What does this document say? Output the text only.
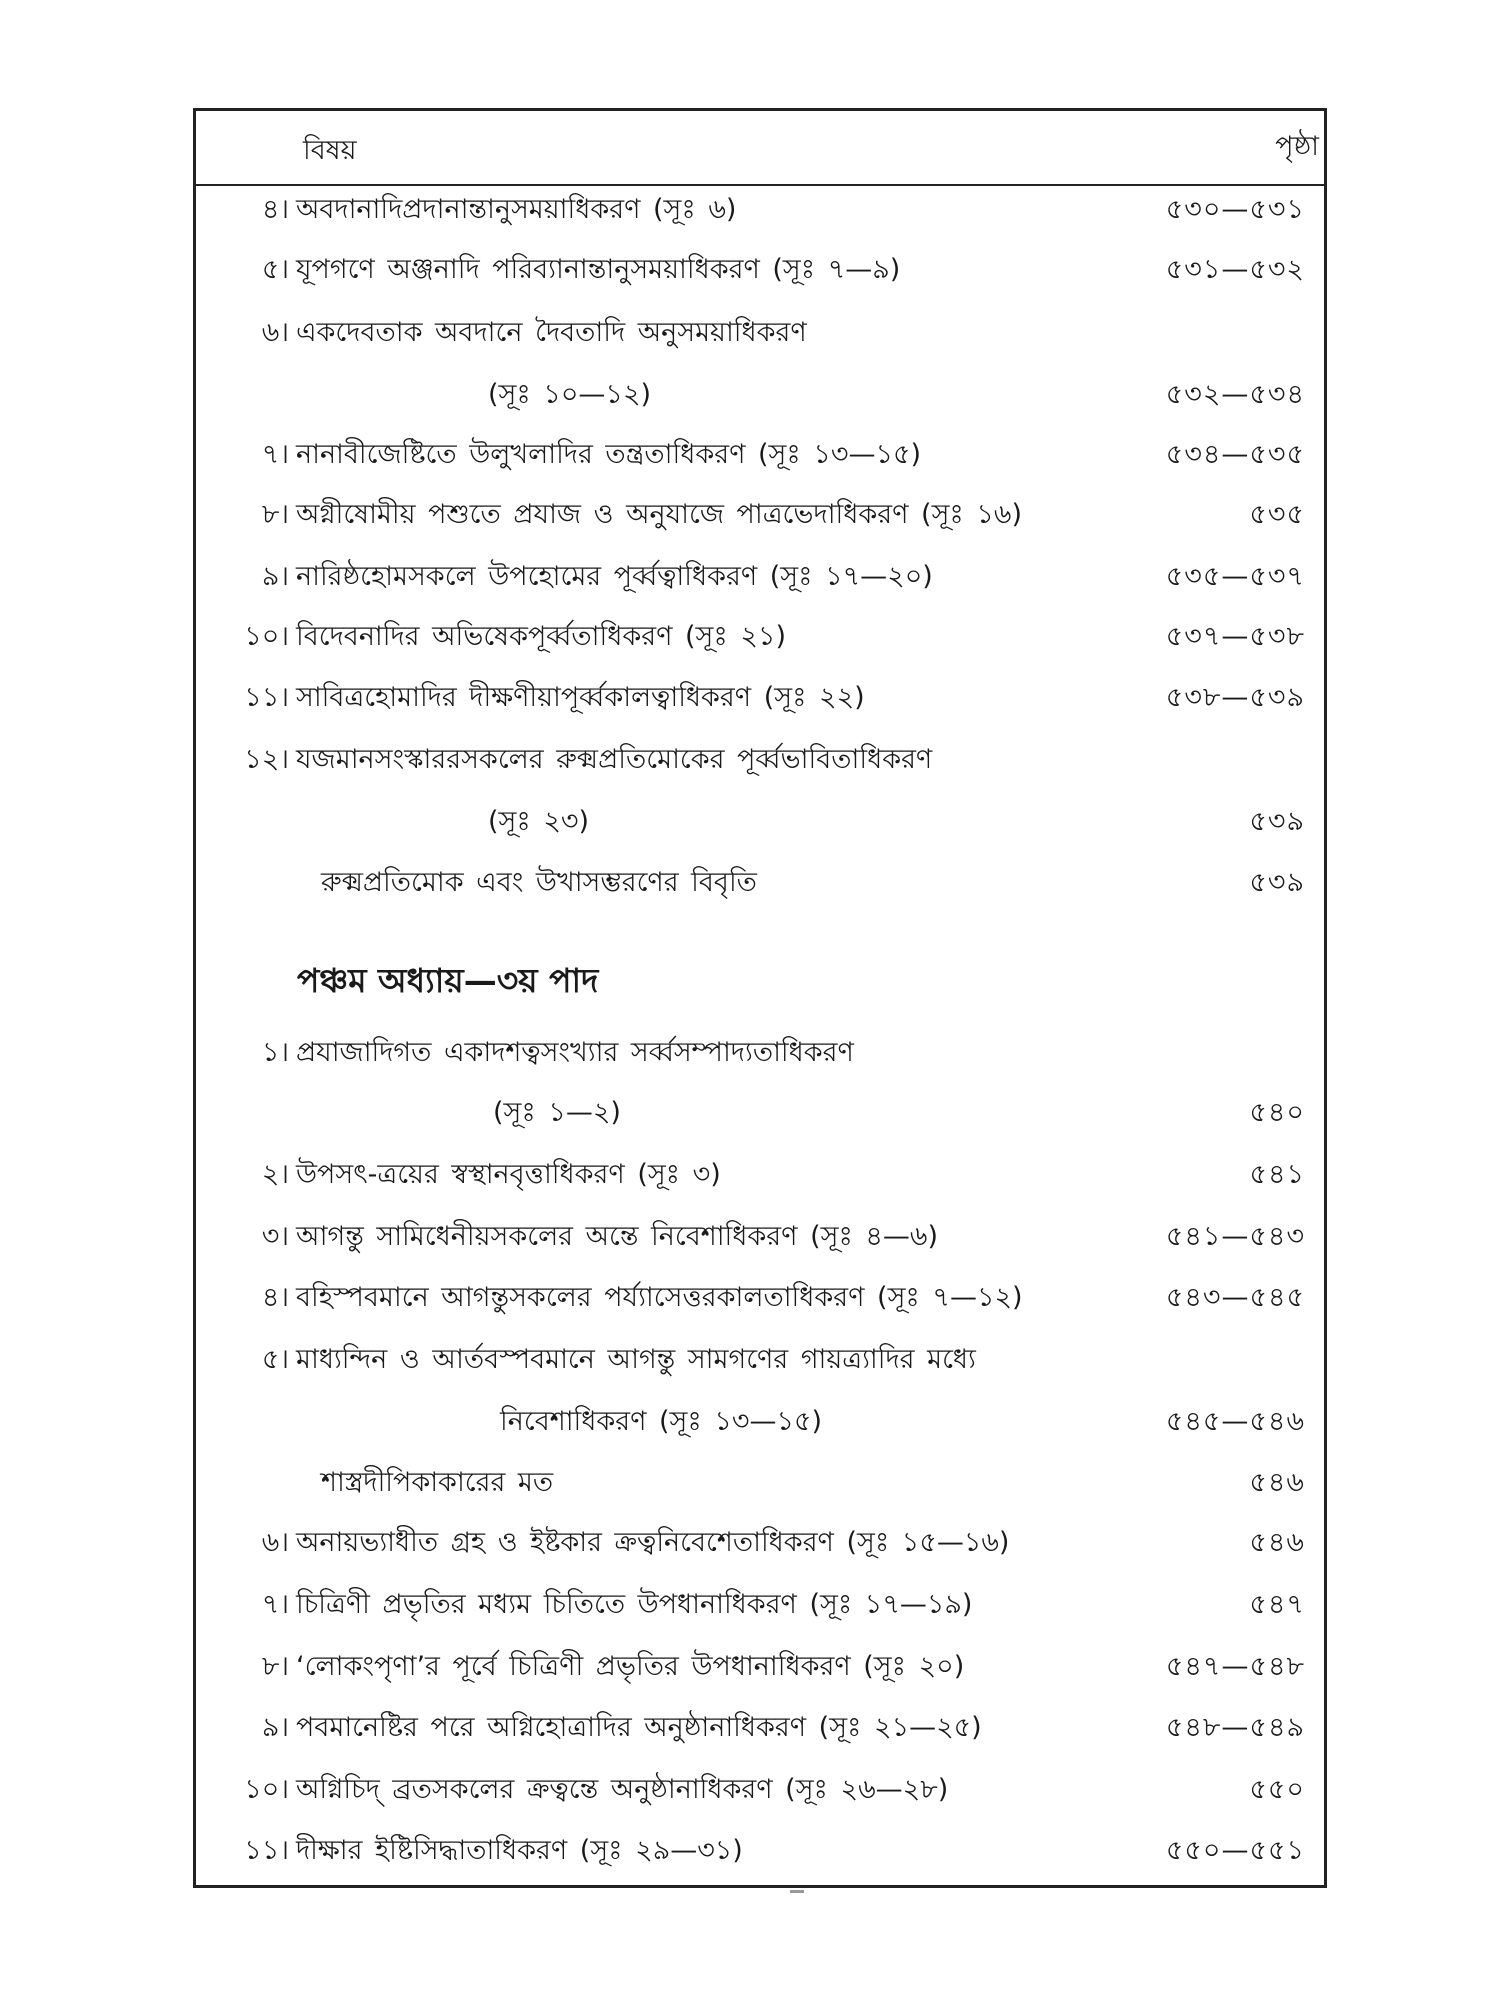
বিষয়	পৃষ্ঠা
৪। অবদানাদিপ্রদানান্তানুসময়াধিকরণ (সূঃ ৬)	৫৩০—৫৩১
৫। যূপগণে অঞ্জনাদি পরিব্যানান্তানুসময়াধিকরণ (সূঃ ৭—৯)	৫৩১—৫৩২
৬। একদেবতাক অবদানে দৈবতাদি অনুসময়াধিকরণ
(সূঃ ১০—১২)	৫৩২—৫৩৪
৭। নানাবীজেষ্টিতে উলুখলাদির তন্ত্রতাধিকরণ (সূঃ ১৩—১৫)	৫৩৪—৫৩৫
৮। অগ্নীষোমীয় পশুতে প্রযাজ ও অনুযাজে পাত্রভেদাধিকরণ (সূঃ ১৬)	৫৩৫
৯। নারিষ্ঠহোমসকলে উপহোমের পূর্ব্বত্বাধিকরণ (সূঃ ১৭—২০)	৫৩৫—৫৩৭
১০। বিদেবনাদির অভিষেকপূর্ব্বতাধিকরণ (সূঃ ২১)	৫৩৭—৫৩৮
১১। সাবিত্রহোমাদির দীক্ষণীয়াপূর্ব্বকালত্বাধিকরণ (সূঃ ২২)	৫৩৮—৫৩৯
১২। যজমানসংস্কাররসকলের রুক্মপ্রতিমোকের পূর্ব্বভাবিতাধিকরণ
(সূঃ ২৩)	৫৩৯
রুক্মপ্রতিমোক এবং উখাসম্ভরণের বিবৃতি	৫৩৯
পঞ্চম অধ্যায়—৩য় পাদ
১। প্রযাজাদিগত একাদশত্বসংখ্যার সর্ব্বসম্পাদ্যতাধিকরণ
(সূঃ ১—২)	৫৪০
২। উপসৎ-ত্রয়ের স্বস্থানবৃত্তাধিকরণ (সূঃ ৩)	৫৪১
৩। আগন্তু সামিধেনীয়সকলের অন্তে নিবেশাধিকরণ (সূঃ ৪—৬)	৫৪১—৫৪৩
৪। বহিস্পবমানে আগন্তুসকলের পর্য্যাসেত্তরকালতাধিকরণ (সূঃ ৭—১২)	৫৪৩—৫৪৫
৫। মাধ্যন্দিন ও আর্তবস্পবমানে আগন্তু সামগণের গায়ত্র্যাদির মধ্যে
নিবেশাধিকরণ (সূঃ ১৩—১৫)	৫৪৫—৫৪৬
শাস্ত্রদীপিকাকারের মত	৫৪৬
৬। অনায়ভ্যাধীত গ্রহ ও ইষ্টকার ক্রত্বনিবেশেতাধিকরণ (সূঃ ১৫—১৬)	৫৪৬
৭। চিত্রিণী প্রভৃতির মধ্যম চিতিতে উপধানাধিকরণ (সূঃ ১৭—১৯)	৫৪৭
৮। ‘লোকংপৃণা’র পূর্বে চিত্রিণী প্রভৃতির উপধানাধিকরণ (সূঃ ২০)	৫৪৭—৫৪৮
৯। পবমানেষ্টির পরে অগ্নিহোত্রাদির অনুষ্ঠানাধিকরণ (সূঃ ২১—২৫)	৫৪৮—৫৪৯
১০। অগ্নিচিদ্ ব্রতসকলের ক্রত্বন্তে অনুষ্ঠানাধিকরণ (সূঃ ২৬—২৮)	৫৫০
১১। দীক্ষার ইষ্টিসিদ্ধাতাধিকরণ (সূঃ ২৯—৩১)	৫৫০—৫৫১
